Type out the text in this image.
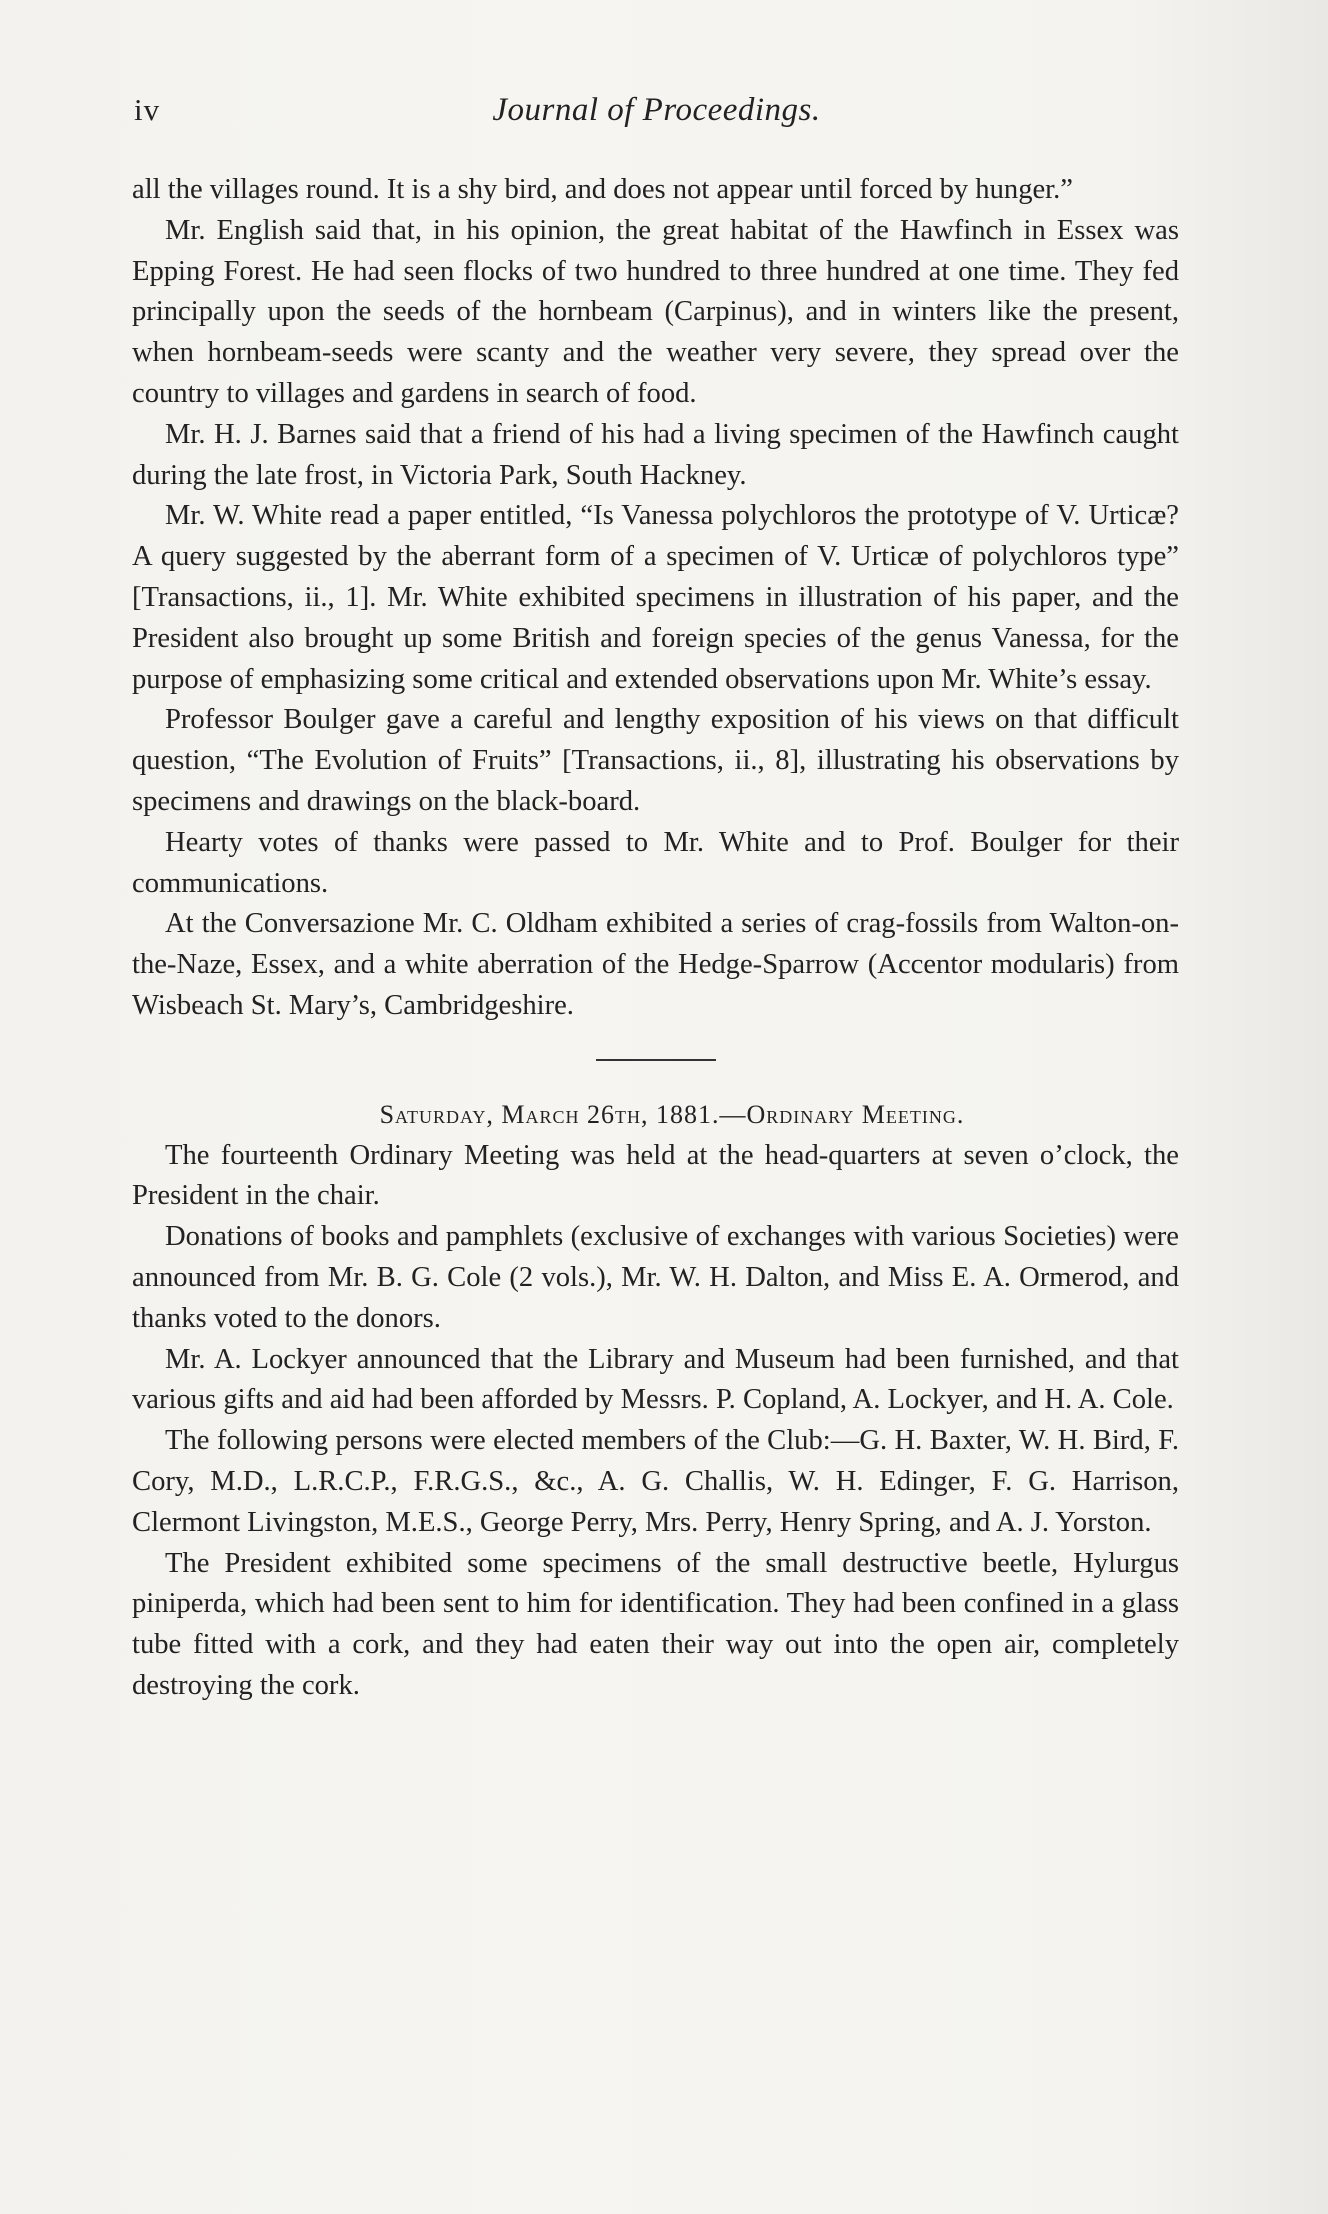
iv	Journal of Proceedings.

all the villages round. It is a shy bird, and does not appear until forced by hunger.”

Mr. English said that, in his opinion, the great habitat of the Hawfinch in Essex was Epping Forest. He had seen flocks of two hundred to three hundred at one time. They fed principally upon the seeds of the hornbeam (Carpinus), and in winters like the present, when hornbeam-seeds were scanty and the weather very severe, they spread over the country to villages and gardens in search of food.

Mr. H. J. Barnes said that a friend of his had a living specimen of the Hawfinch caught during the late frost, in Victoria Park, South Hackney.

Mr. W. White read a paper entitled, “Is Vanessa polychloros the prototype of V. Urticæ? A query suggested by the aberrant form of a specimen of V. Urticæ of polychloros type” [Transactions, ii., 1]. Mr. White exhibited specimens in illustration of his paper, and the President also brought up some British and foreign species of the genus Vanessa, for the purpose of emphasizing some critical and extended observations upon Mr. White’s essay.

Professor Boulger gave a careful and lengthy exposition of his views on that difficult question, “The Evolution of Fruits” [Transactions, ii., 8], illustrating his observations by specimens and drawings on the black-board.

Hearty votes of thanks were passed to Mr. White and to Prof. Boulger for their communications.

At the Conversazione Mr. C. Oldham exhibited a series of crag-fossils from Walton-on-the-Naze, Essex, and a white aberration of the Hedge-Sparrow (Accentor modularis) from Wisbeach St. Mary’s, Cambridgeshire.

Saturday, March 26th, 1881.—Ordinary Meeting.

The fourteenth Ordinary Meeting was held at the head-quarters at seven o’clock, the President in the chair.

Donations of books and pamphlets (exclusive of exchanges with various Societies) were announced from Mr. B. G. Cole (2 vols.), Mr. W. H. Dalton, and Miss E. A. Ormerod, and thanks voted to the donors.

Mr. A. Lockyer announced that the Library and Museum had been furnished, and that various gifts and aid had been afforded by Messrs. P. Copland, A. Lockyer, and H. A. Cole.

The following persons were elected members of the Club:—G. H. Baxter, W. H. Bird, F. Cory, M.D., L.R.C.P., F.R.G.S., &c., A. G. Challis, W. H. Edinger, F. G. Harrison, Clermont Livingston, M.E.S., George Perry, Mrs. Perry, Henry Spring, and A. J. Yorston.

The President exhibited some specimens of the small destructive beetle, Hylurgus piniperda, which had been sent to him for identification. They had been confined in a glass tube fitted with a cork, and they had eaten their way out into the open air, completely destroying the cork.
